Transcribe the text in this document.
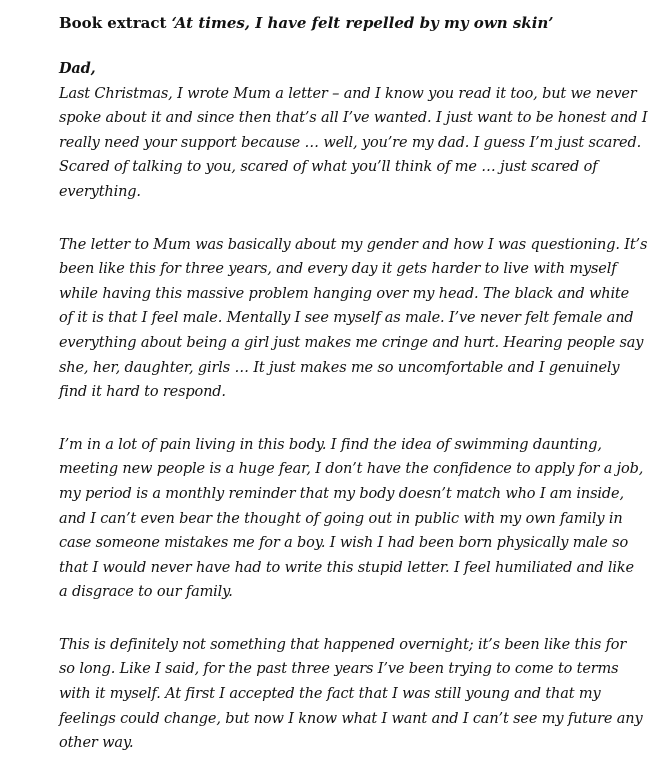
Book extract ‘At times, I have felt repelled by my own skin’

Dad,
Last Christmas, I wrote Mum a letter – and I know you read it too, but we never
spoke about it and since then that’s all I’ve wanted. I just want to be honest and I
really need your support because … well, you’re my dad. I guess I’m just scared.
Scared of talking to you, scared of what you’ll think of me … just scared of
everything.

The letter to Mum was basically about my gender and how I was questioning. It’s
been like this for three years, and every day it gets harder to live with myself
while having this massive problem hanging over my head. The black and white
of it is that I feel male. Mentally I see myself as male. I’ve never felt female and
everything about being a girl just makes me cringe and hurt. Hearing people say
she, her, daughter, girls … It just makes me so uncomfortable and I genuinely
find it hard to respond.

I’m in a lot of pain living in this body. I find the idea of swimming daunting,
meeting new people is a huge fear, I don’t have the confidence to apply for a job,
my period is a monthly reminder that my body doesn’t match who I am inside,
and I can’t even bear the thought of going out in public with my own family in
case someone mistakes me for a boy. I wish I had been born physically male so
that I would never have had to write this stupid letter. I feel humiliated and like
a disgrace to our family.

This is definitely not something that happened overnight; it’s been like this for
so long. Like I said, for the past three years I’ve been trying to come to terms
with it myself. At first I accepted the fact that I was still young and that my
feelings could change, but now I know what I want and I can’t see my future any
other way.
